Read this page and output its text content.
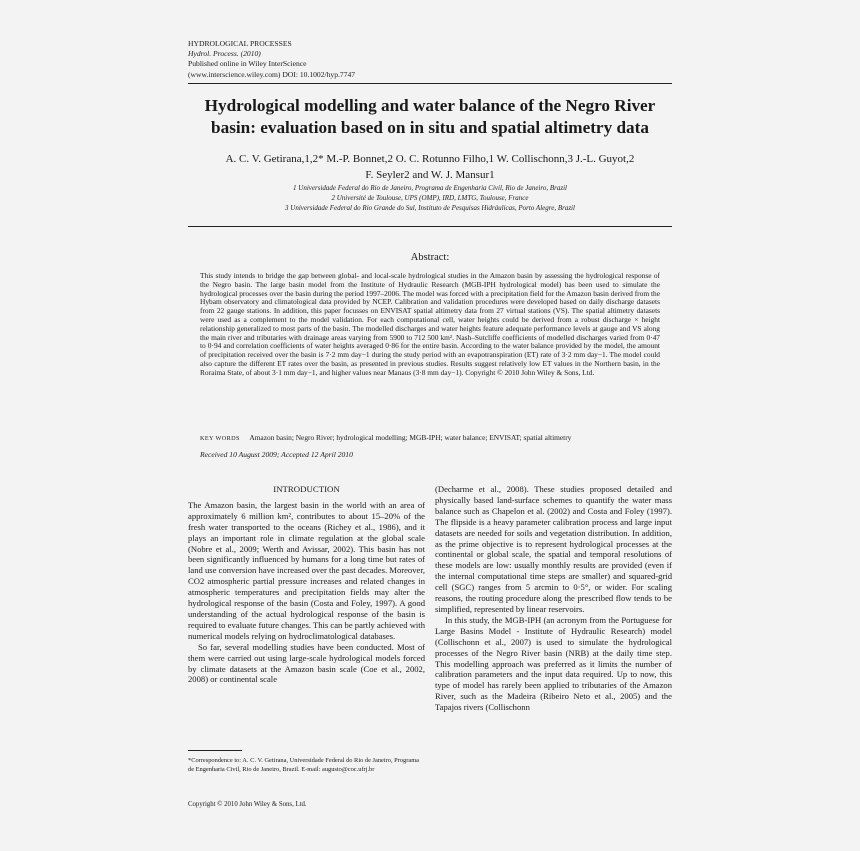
HYDROLOGICAL PROCESSES
Hydrol. Process. (2010)
Published online in Wiley InterScience
(www.interscience.wiley.com) DOI: 10.1002/hyp.7747
Hydrological modelling and water balance of the Negro River basin: evaluation based on in situ and spatial altimetry data
A. C. V. Getirana,1,2* M.-P. Bonnet,2 O. C. Rotunno Filho,1 W. Collischonn,3 J.-L. Guyot,2
F. Seyler2 and W. J. Mansur1
1 Universidade Federal do Rio de Janeiro, Programa de Engenharia Civil, Rio de Janeiro, Brazil
2 Université de Toulouse, UPS (OMP), IRD, LMTG, Toulouse, France
3 Universidade Federal do Rio Grande do Sul, Instituto de Pesquisas Hidráulicas, Porto Alegre, Brazil
Abstract:
This study intends to bridge the gap between global- and local-scale hydrological studies in the Amazon basin by assessing the hydrological response of the Negro basin. The large basin model from the Institute of Hydraulic Research (MGB-IPH hydrological model) has been used to simulate the hydrological processes over the basin during the period 1997–2006. The model was forced with a precipitation field for the Amazon basin derived from the Hybam observatory and climatological data provided by NCEP. Calibration and validation procedures were developed based on daily discharge datasets from 22 gauge stations. In addition, this paper focusses on ENVISAT spatial altimetry data from 27 virtual stations (VS). The spatial altimetry datasets were used as a complement to the model validation. For each computational cell, water heights could be derived from a robust discharge × height relationship generalized to most parts of the basin. The modelled discharges and water heights feature adequate performance levels at gauge and VS along the main river and tributaries with drainage areas varying from 5900 to 712 500 km². Nash–Sutcliffe coefficients of modelled discharges varied from 0·47 to 0·94 and correlation coefficients of water heights averaged 0·86 for the entire basin. According to the water balance provided by the model, the amount of precipitation received over the basin is 7·2 mm day−1 during the study period with an evapotranspiration (ET) rate of 3·2 mm day−1. The model could also capture the different ET rates over the basin, as presented in previous studies. Results suggest relatively low ET values in the Northern basin, in the Roraima State, of about 3·1 mm day−1, and higher values near Manaus (3·8 mm day−1). Copyright © 2010 John Wiley & Sons, Ltd.
KEY WORDS Amazon basin; Negro River; hydrological modelling; MGB-IPH; water balance; ENVISAT; spatial altimetry
Received 10 August 2009; Accepted 12 April 2010
INTRODUCTION

The Amazon basin, the largest basin in the world with an area of approximately 6 million km², contributes to about 15–20% of the fresh water transported to the oceans (Richey et al., 1986), and it plays an important role in climate regulation at the global scale (Nobre et al., 2009; Werth and Avissar, 2002). This basin has not been significantly influenced by humans for a long time but rates of land use conversion have increased over the past decades. Moreover, CO2 atmospheric partial pressure increases and related changes in atmospheric temperatures and precipitation fields may alter the hydrological response of the basin (Costa and Foley, 1997). A good understanding of the actual hydrological response of the basin is required to evaluate future changes. This can be partly achieved with numerical models relying on hydroclimatological databases.

So far, several modelling studies have been conducted. Most of them were carried out using large-scale hydrological models forced by climate datasets at the Amazon basin scale (Coe et al., 2002, 2008) or continental scale

(Decharme et al., 2008). These studies proposed detailed and physically based land-surface schemes to quantify the water mass balance such as Chapelon et al. (2002) and Costa and Foley (1997). The flipside is a heavy parameter calibration process and large input datasets are needed for soils and vegetation distribution. In addition, as the prime objective is to represent hydrological processes at the continental or global scale, the spatial and temporal resolutions of these models are low: usually monthly results are provided (even if the internal computational time steps are smaller) and squared-grid cell (SGC) ranges from 5 arcmin to 0·5°, or wider. For scaling reasons, the routing procedure along the prescribed flow tends to be simplified, represented by linear reservoirs.

In this study, the MGB-IPH (an acronym from the Portuguese for Large Basins Model - Institute of Hydraulic Research) model (Collischonn et al., 2007) is used to simulate the hydrological processes of the Negro River basin (NRB) at the daily time step. This modelling approach was preferred as it limits the number of calibration parameters and the input data required. Up to now, this type of model has rarely been applied to tributaries of the Amazon River, such as the Madeira (Ribeiro Neto et al., 2005) and the Tapajos rivers (Collischonn

*Correspondence to: A. C. V. Getirana, Universidade Federal do Rio de Janeiro, Programa de Engenharia Civil, Rio de Janeiro, Brazil. E-mail: augusto@coc.ufrj.br
Copyright © 2010 John Wiley & Sons, Ltd.
